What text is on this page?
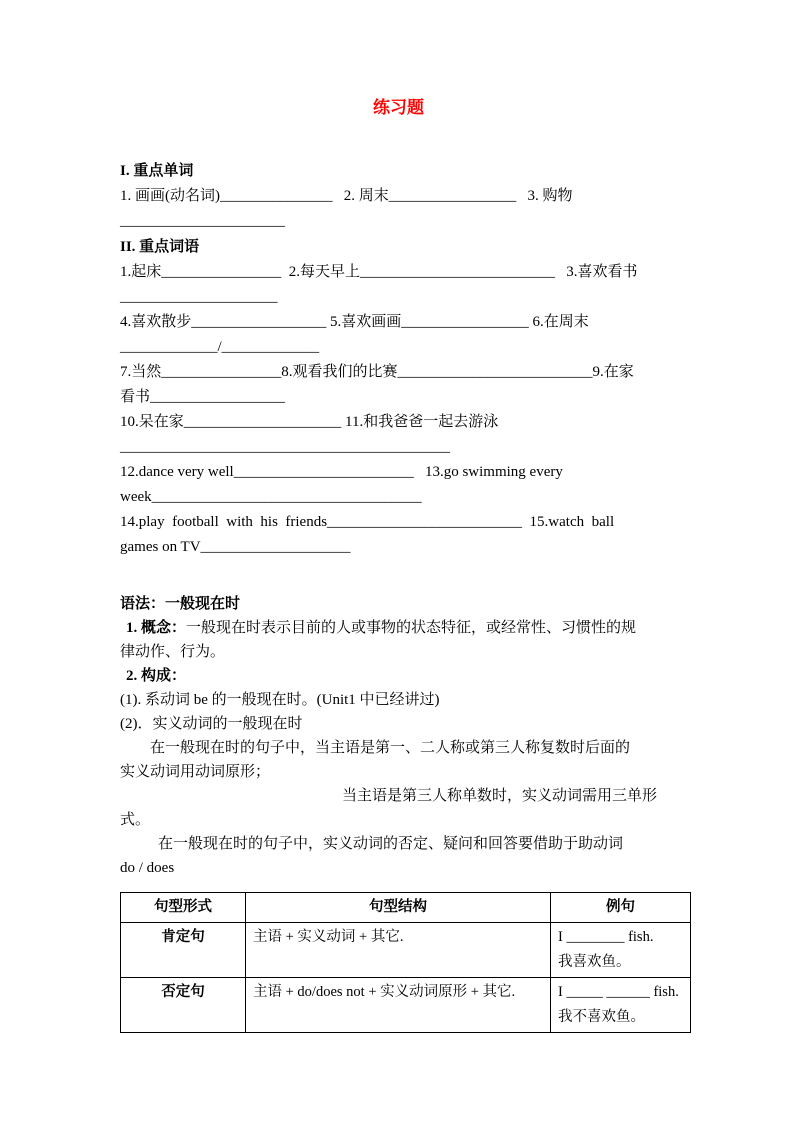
练习题
I. 重点单词
1. 画画(动名词)_______________   2. 周末_________________   3. 购物
______________________
II. 重点词语
1.起床________________  2.每天早上__________________________   3.喜欢看书
_____________________
4.喜欢散步__________________ 5.喜欢画画_________________ 6.在周末
_____________/_____________
7.当然________________8.观看我们的比赛__________________________9.在家
看书__________________
10.呆在家_____________________ 11.和我爸爸一起去游泳
____________________________________________
12.dance very well________________________   13.go swimming every
week____________________________________
14.play  football  with  his  friends__________________________  15.watch  ball
games on TV____________________
语法：一般现在时
1. 概念：一般现在时表示目前的人或事物的状态特征，或经常性、习惯性的规
律动作、行为。
2. 构成：
(1). 系动词 be 的一般现在时。(Unit1 中已经讲过)
(2)．实义动词的一般现在时
在一般现在时的句子中，当主语是第一、二人称或第三人称复数时后面的
实义动词用动词原形；
当主语是第三人称单数时，实义动词需用三单形
式。
在一般现在时的句子中，实义动词的否定、疑问和回答要借助于助动词
do / does
句型形式	句型结构	例句
肯定句	主语 + 实义动词 + 其它.	I ________ fish.
我喜欢鱼。

否定句	主语 + do/does not + 实义动词原形 + 其它.	I _____ ______ fish.
我不喜欢鱼。
